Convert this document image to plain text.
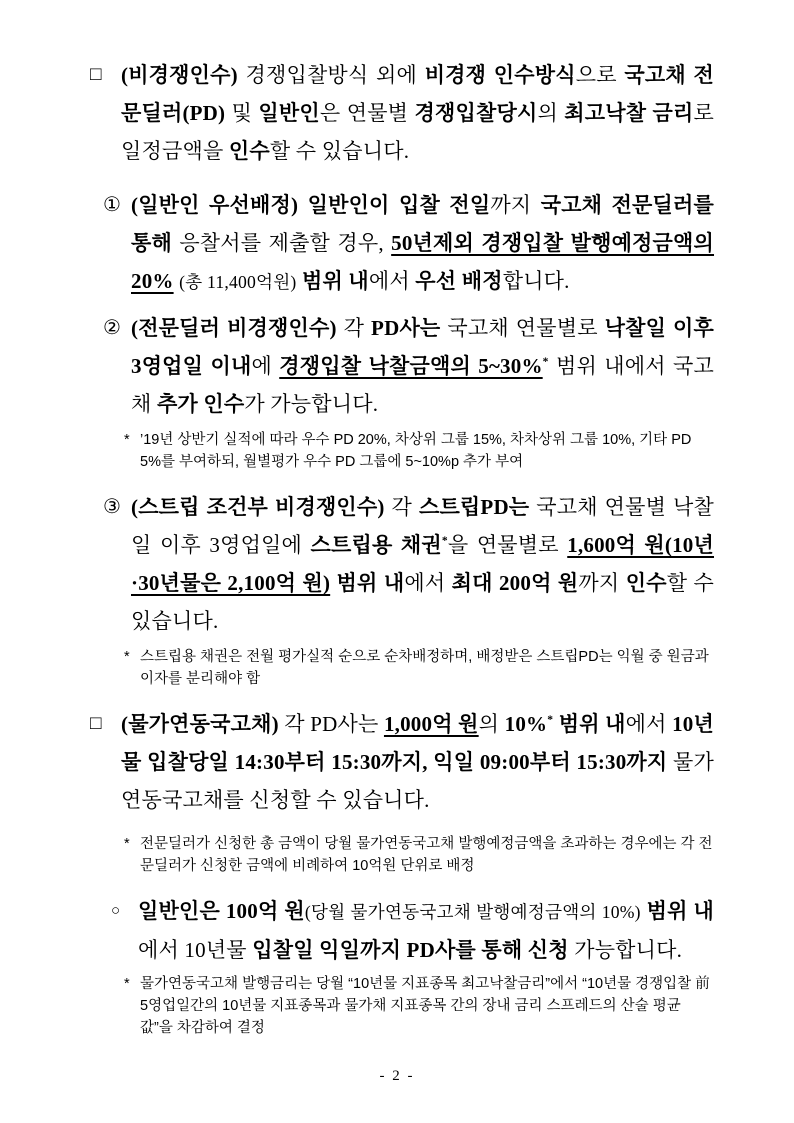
□ (비경쟁인수) 경쟁입찰방식 외에 비경쟁 인수방식으로 국고채 전문딜러(PD) 및 일반인은 연물별 경쟁입찰당시의 최고낙찰 금리로 일정금액을 인수할 수 있습니다.
① (일반인 우선배정) 일반인이 입찰 전일까지 국고채 전문딜러를 통해 응찰서를 제출할 경우, 50년제외 경쟁입찰 발행예정금액의 20% (총 11,400억원) 범위 내에서 우선 배정합니다.
② (전문딜러 비경쟁인수) 각 PD사는 국고채 연물별로 낙찰일 이후 3영업일 이내에 경쟁입찰 낙찰금액의 5~30%* 범위 내에서 국고채 추가 인수가 가능합니다.
* ’19년 상반기 실적에 따라 우수 PD 20%, 차상위 그룹 15%, 차차상위 그룹 10%, 기타 PD 5%를 부여하되, 월별평가 우수 PD 그룹에 5~10%p 추가 부여
③ (스트립 조건부 비경쟁인수) 각 스트립PD는 국고채 연물별 낙찰일 이후 3영업일에 스트립용 채권*을 연물별로 1,600억 원(10년·30년물은 2,100억 원) 범위 내에서 최대 200억 원까지 인수할 수 있습니다.
* 스트립용 채권은 전월 평가실적 순으로 순차배정하며, 배정받은 스트립PD는 익월 중 원금과 이자를 분리해야 함
□ (물가연동국고채) 각 PD사는 1,000억 원의 10%* 범위 내에서 10년물 입찰당일 14:30부터 15:30까지, 익일 09:00부터 15:30까지 물가연동국고채를 신청할 수 있습니다.
* 전문딜러가 신청한 총 금액이 당월 물가연동국고채 발행예정금액을 초과하는 경우에는 각 전문딜러가 신청한 금액에 비례하여 10억원 단위로 배정
○ 일반인은 100억 원(당월 물가연동국고채 발행예정금액의 10%) 범위 내에서 10년물 입찰일 익일까지 PD사를 통해 신청 가능합니다.
* 물가연동국고채 발행금리는 당월 “10년물 지표종목 최고낙찰금리”에서 “10년물 경쟁입찰 前 5영업일간의 10년물 지표종목과 물가채 지표종목 간의 장내 금리 스프레드의 산술 평균 값”을 차감하여 결정
- 2 -
